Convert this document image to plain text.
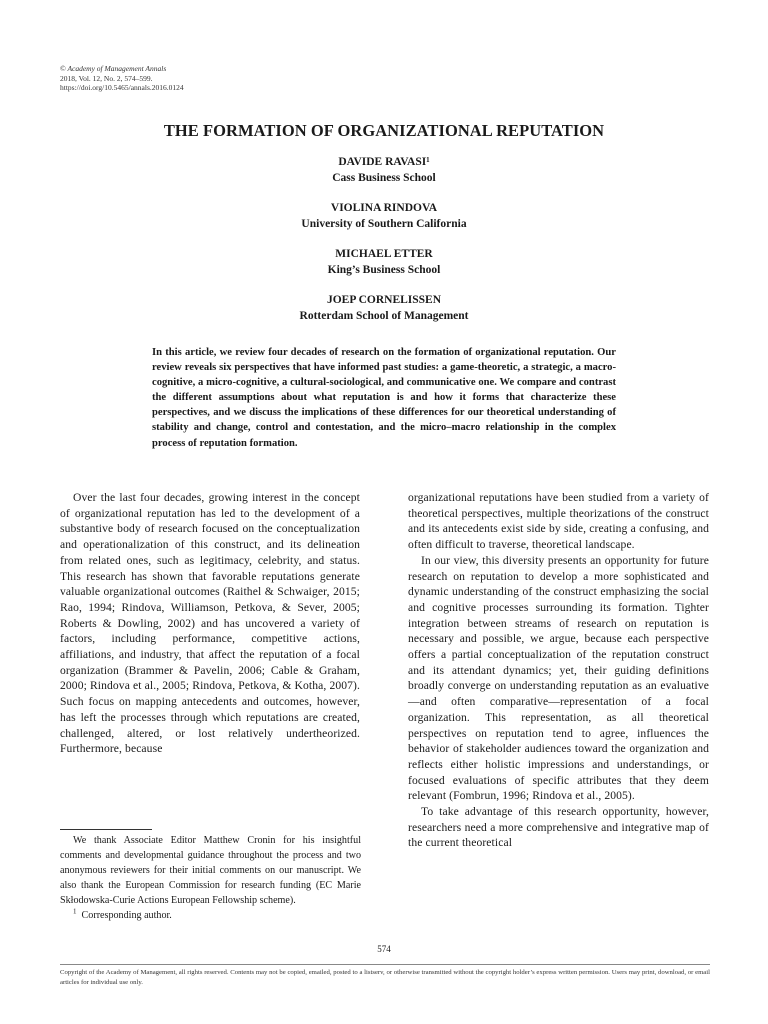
© Academy of Management Annals
2018, Vol. 12, No. 2, 574–599.
https://doi.org/10.5465/annals.2016.0124
THE FORMATION OF ORGANIZATIONAL REPUTATION
DAVIDE RAVASI¹
Cass Business School
VIOLINA RINDOVA
University of Southern California
MICHAEL ETTER
King’s Business School
JOEP CORNELISSEN
Rotterdam School of Management

In this article, we review four decades of research on the formation of organizational reputation. Our review reveals six perspectives that have informed past studies: a game-theoretic, a strategic, a macro-cognitive, a micro-cognitive, a cultural-sociological, and communicative one. We compare and contrast the different assumptions about what reputation is and how it forms that characterize these perspectives, and we discuss the implications of these differences for our theoretical understanding of stability and change, control and contestation, and the micro–macro relationship in the complex process of reputation formation.

Over the last four decades, growing interest in the concept of organizational reputation has led to the development of a substantive body of research focused on the conceptualization and operationalization of this construct, and its delineation from related ones, such as legitimacy, celebrity, and status. This research has shown that favorable reputations generate valuable organizational outcomes (Raithel & Schwaiger, 2015; Rao, 1994; Rindova, Williamson, Petkova, & Sever, 2005; Roberts & Dowling, 2002) and has uncovered a variety of factors, including performance, competitive actions, affiliations, and industry, that affect the reputation of a focal organization (Brammer & Pavelin, 2006; Cable & Graham, 2000; Rindova et al., 2005; Rindova, Petkova, & Kotha, 2007). Such focus on mapping antecedents and outcomes, however, has left the processes through which reputations are created, challenged, altered, or lost relatively undertheorized. Furthermore, because

organizational reputations have been studied from a variety of theoretical perspectives, multiple theorizations of the construct and its antecedents exist side by side, creating a confusing, and often difficult to traverse, theoretical landscape.

In our view, this diversity presents an opportunity for future research on reputation to develop a more sophisticated and dynamic understanding of the construct emphasizing the social and cognitive processes surrounding its formation. Tighter integration between streams of research on reputation is necessary and possible, we argue, because each perspective offers a partial conceptualization of the reputation construct and its attendant dynamics; yet, their guiding definitions broadly converge on understanding reputation as an evaluative—and often comparative—representation of a focal organization. This representation, as all theoretical perspectives on reputation tend to agree, influences the behavior of stakeholder audiences toward the organization and reflects either holistic impressions and understandings, or focused evaluations of specific attributes that they deem relevant (Fombrun, 1996; Rindova et al., 2005).

To take advantage of this research opportunity, however, researchers need a more comprehensive and integrative map of the current theoretical

We thank Associate Editor Matthew Cronin for his insightful comments and developmental guidance throughout the process and two anonymous reviewers for their initial comments on our manuscript. We also thank the European Commission for research funding (EC Marie Skłodowska-Curie Actions European Fellowship scheme).

$^1$ Corresponding author.

574
Copyright of the Academy of Management, all rights reserved. Contents may not be copied, emailed, posted to a listserv, or otherwise transmitted without the copyright holder’s express written permission. Users may print, download, or email articles for individual use only.
